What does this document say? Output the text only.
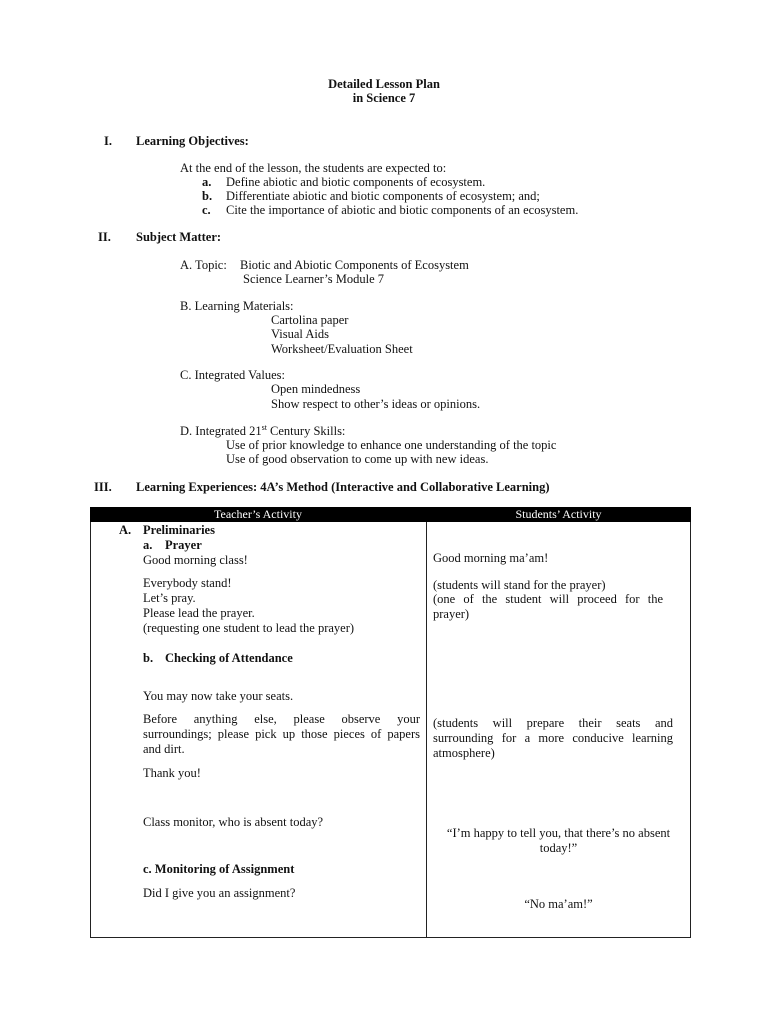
Detailed Lesson Plan
in Science 7
I. Learning Objectives:
At the end of the lesson, the students are expected to:
a. Define abiotic and biotic components of ecosystem.
b. Differentiate abiotic and biotic components of ecosystem; and;
c. Cite the importance of abiotic and biotic components of an ecosystem.
II. Subject Matter:
A. Topic: Biotic and Abiotic Components of Ecosystem
Science Learner’s Module 7
B. Learning Materials:
Cartolina paper
Visual Aids
Worksheet/Evaluation Sheet
C. Integrated Values:
Open mindedness
Show respect to other’s ideas or opinions.
D. Integrated 21st Century Skills:
Use of prior knowledge to enhance one understanding of the topic
Use of good observation to come up with new ideas.
III. Learning Experiences: 4A’s Method (Interactive and Collaborative Learning)
Teacher’s Activity	Students’ Activity
A. Preliminaries
a. Prayer
Good morning class!
Everybody stand!
Let’s pray.
Please lead the prayer.
(requesting one student to lead the prayer)
b. Checking of Attendance
You may now take your seats.
Before anything else, please observe your surroundings; please pick up those pieces of papers and dirt.
Thank you!
Class monitor, who is absent today?
c. Monitoring of Assignment
Did I give you an assignment?
Good morning ma’am!
(students will stand for the prayer)
(one of the student will proceed for the prayer)
(students will prepare their seats and surrounding for a more conducive learning atmosphere)
“I’m happy to tell you, that there’s no absent today!”
“No ma’am!”
